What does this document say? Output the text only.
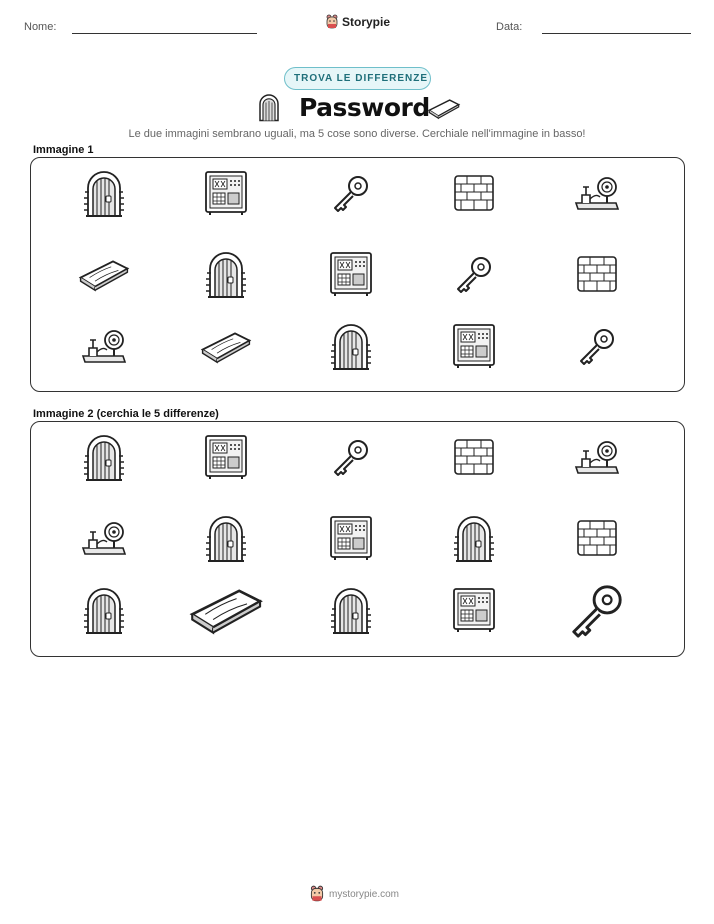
Nome:	Storypie	Data:
TROVA LE DIFFERENZE
Password
Le due immagini sembrano uguali, ma 5 cose sono diverse. Cerchiale nell'immagine in basso!
Immagine 1
Immagine 2 (cerchia le 5 differenze)
mystorypie.com
